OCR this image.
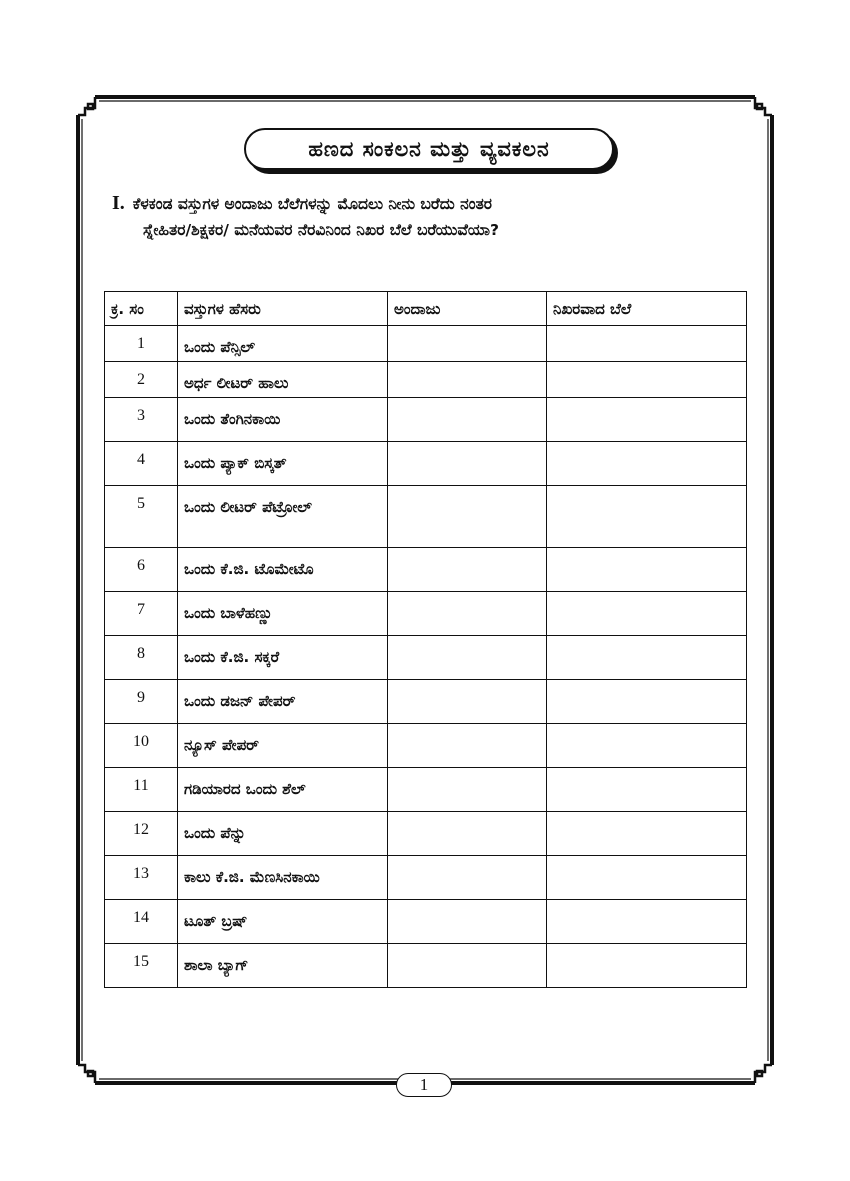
ಹಣದ ಸಂಕಲನ ಮತ್ತು ವ್ಯವಕಲನ
I. ಕೆಳಕಂಡ ವಸ್ತುಗಳ ಅಂದಾಜು ಬೆಲೆಗಳನ್ನು ಮೊದಲು ನೀನು ಬರೆದು ನಂತರ
ಸ್ನೇಹಿತರ/ಶಿಕ್ಷಕರ/ ಮನೆಯವರ ನೆರವಿನಿಂದ ನಿಖರ ಬೆಲೆ ಬರೆಯುವೆಯಾ?
ಕ್ರ. ಸಂ	ವಸ್ತುಗಳ ಹೆಸರು	ಅಂದಾಜು	ನಿಖರವಾದ ಬೆಲೆ
1	ಒಂದು ಪೆನ್ಸಿಲ್		
2	ಅರ್ಧ ಲೀಟರ್ ಹಾಲು		
3	ಒಂದು ತೆಂಗಿನಕಾಯಿ		
4	ಒಂದು ಪ್ಯಾಕ್ ಬಿಸ್ಕತ್		
5	ಒಂದು ಲೀಟರ್ ಪೆಟ್ರೋಲ್		
6	ಒಂದು ಕೆ.ಜಿ. ಟೊಮೇಟೊ		
7	ಒಂದು ಬಾಳೆಹಣ್ಣು		
8	ಒಂದು ಕೆ.ಜಿ. ಸಕ್ಕರೆ		
9	ಒಂದು ಡಜನ್ ಪೇಪರ್		
10	ನ್ಯೂಸ್ ಪೇಪರ್		
11	ಗಡಿಯಾರದ ಒಂದು ಶೆಲ್		
12	ಒಂದು ಪೆನ್ನು		
13	ಕಾಲು ಕೆ.ಜಿ. ಮೆಣಸಿನಕಾಯಿ		
14	ಟೂತ್ ಬ್ರಷ್		
15	ಶಾಲಾ ಬ್ಯಾಗ್		
1
